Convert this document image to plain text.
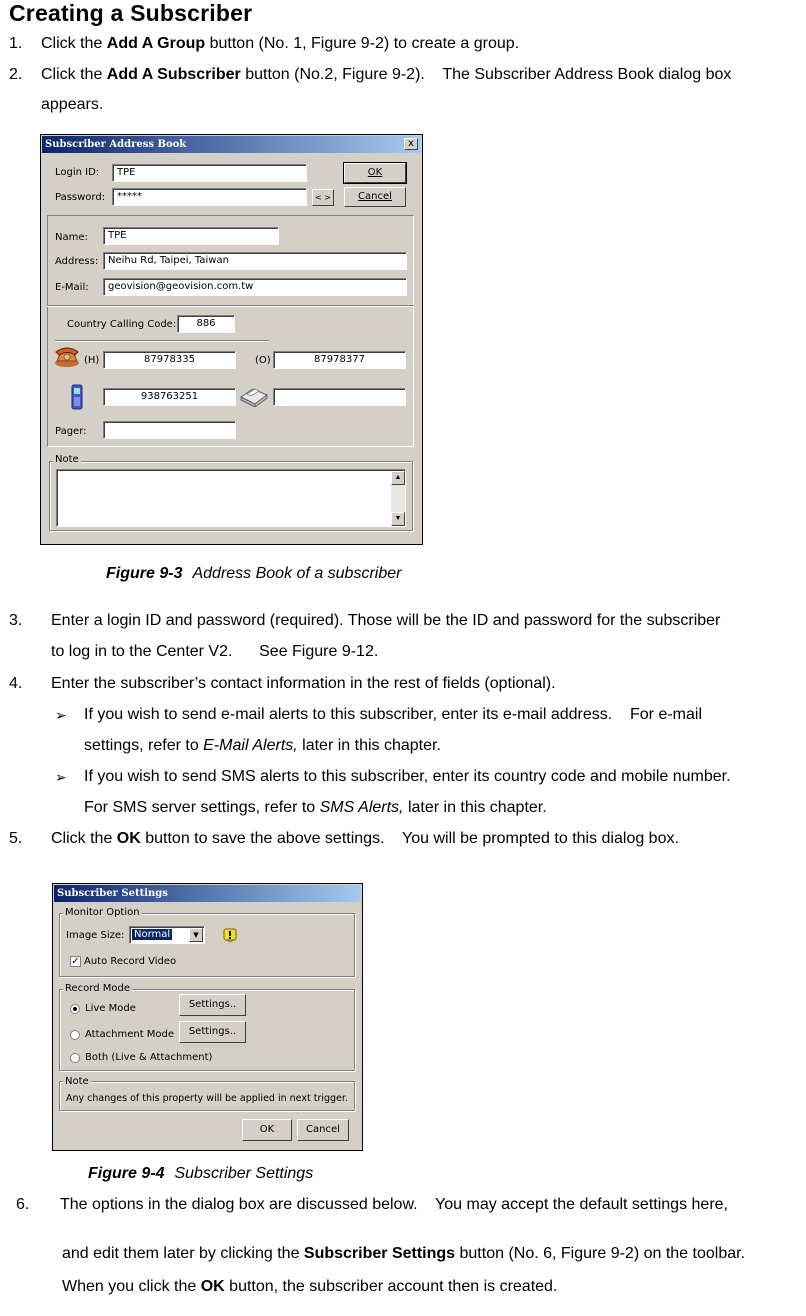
Creating a Subscriber
1. Click the Add A Group button (No. 1, Figure 9-2) to create a group.
2. Click the Add A Subscriber button (No.2, Figure 9-2).    The Subscriber Address Book dialog box
appears.
Subscriber Address Book	x
Login ID:	TPE	OK
Password:	*****	< >	Cancel
Name:	TPE
Address: Neihu Rd, Taipei, Taiwan
E-Mail:	geovision@geovision.com.tw
Country Calling Code:	886
(H)	87978335	(O)	87978377
938763251
Pager:
Note
▲
▼
Figure 9-3 Address Book of a subscriber
3. Enter a login ID and password (required). Those will be the ID and password for the subscriber
to log in to the Center V2.      See Figure 9-12.
4. Enter the subscriber’s contact information in the rest of fields (optional).
➢ If you wish to send e-mail alerts to this subscriber, enter its e-mail address.    For e-mail
settings, refer to E-Mail Alerts, later in this chapter.
➢ If you wish to send SMS alerts to this subscriber, enter its country code and mobile number.
For SMS server settings, refer to SMS Alerts, later in this chapter.
5. Click the OK button to save the above settings.    You will be prompted to this dialog box.
Subscriber Settings
Monitor Option
Image Size: Normal	▼
✓ Auto Record Video
Record Mode
Live Mode	Settings..
Attachment Mode	Settings..
Both (Live & Attachment)
Note
Any changes of this property will be applied in next trigger.
OK	Cancel
Figure 9-4 Subscriber Settings
6. The options in the dialog box are discussed below.    You may accept the default settings here,
and edit them later by clicking the Subscriber Settings button (No. 6, Figure 9-2) on the toolbar.
When you click the OK button, the subscriber account then is created.
